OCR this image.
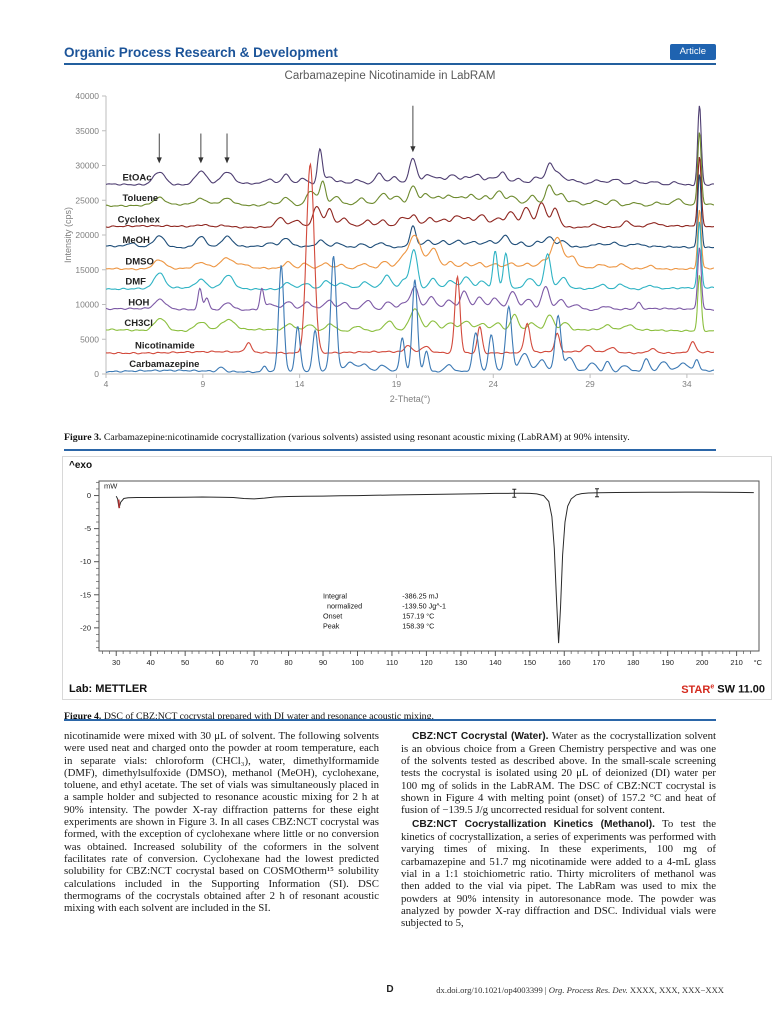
Organic Process Research & Development	Article
Carbamazepine Nicotinamide in LabRAM
0
5000
10000
15000
20000
25000
30000
35000
40000
4	9	14	19	24	29	34
2-Theta(°)
Intensity (cps)
EtOAc
Toluene
Cyclohex
MeOH
DMSO
DMF
HOH
CH3Cl
Nicotinamide
Carbamazepine

Figure 3. Carbamazepine:nicotinamide cocrystallization (various solvents) assisted using resonant acoustic mixing (LabRAM) at 90% intensity.

^exo
30	40	50	60	70	80	90	100	110	120	130	140	150	160	170	180	190	200	210 °C
0
-5
-10
-15
-20
mW
Integral	-386.25 mJ
normalized	-139.50 Jg^-1
Onset	157.19 °C
Peak	158.39 °C
Lab: METTLER	STAR$^e$ SW 11.00

Figure 4. DSC of CBZ:NCT cocrystal prepared with DI water and resonance acoustic mixing.

nicotinamide were mixed with 30 μL of solvent. The following solvents were used neat and charged onto the powder at room temperature, each in separate vials: chloroform (CHCl₃), water, dimethylformamide (DMF), dimethylsulfoxide (DMSO), methanol (MeOH), cyclohexane, toluene, and ethyl acetate. The set of vials was simultaneously placed in a sample holder and subjected to resonance acoustic mixing for 2 h at 90% intensity. The powder X-ray diffraction patterns for these eight experiments are shown in Figure 3. In all cases CBZ:NCT cocrystal was formed, with the exception of cyclohexane where little or no conversion was obtained. Increased solubility of the coformers in the solvent facilitates rate of conversion. Cyclohexane had the lowest predicted solubility for CBZ:NCT cocrystal based on COSMOtherm¹⁵ solubility calculations included in the Supporting Information (SI). DSC thermograms of the cocrystals obtained after 2 h of resonant acoustic mixing with each solvent are included in the SI.

CBZ:NCT Cocrystal (Water). Water as the cocrystallization solvent is an obvious choice from a Green Chemistry perspective and was one of the solvents tested as described above. In the small-scale screening tests the cocrystal is isolated using 20 μL of deionized (DI) water per 100 mg of solids in the LabRAM. The DSC of CBZ:NCT cocrystal is shown in Figure 4 with melting point (onset) of 157.2 °C and heat of fusion of −139.5 J/g uncorrected residual for solvent content.

CBZ:NCT Cocrystallization Kinetics (Methanol). To test the kinetics of cocrystallization, a series of experiments was performed with varying times of mixing. In these experiments, 100 mg of carbamazepine and 51.7 mg nicotinamide were added to a 4-mL glass vial in a 1:1 stoichiometric ratio. Thirty microliters of methanol was then added to the vial via pipet. The LabRam was used to mix the powders at 90% intensity in autoresonance mode. The powder was analyzed by powder X-ray diffraction and DSC. Individual vials were subjected to 5,

D	dx.doi.org/10.1021/op4003399 | Org. Process Res. Dev. XXXX, XXX, XXX−XXX
